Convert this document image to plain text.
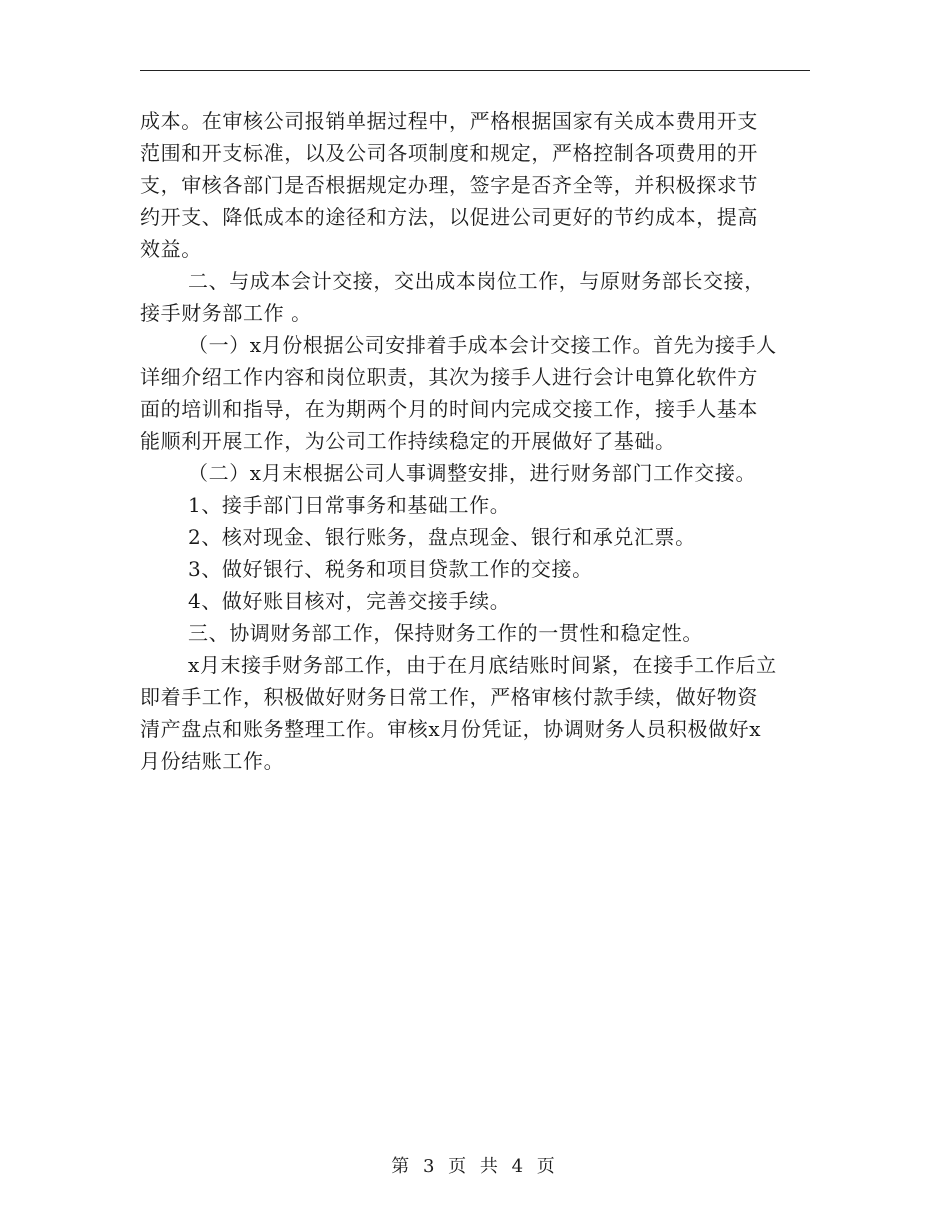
成本。在审核公司报销单据过程中，严格根据国家有关成本费用开支
范围和开支标准，以及公司各项制度和规定，严格控制各项费用的开
支，审核各部门是否根据规定办理，签字是否齐全等，并积极探求节
约开支、降低成本的途径和方法，以促进公司更好的节约成本，提高
效益。
二、与成本会计交接，交出成本岗位工作，与原财务部长交接，
接手财务部工作 。
（一）x月份根据公司安排着手成本会计交接工作。首先为接手人
详细介绍工作内容和岗位职责，其次为接手人进行会计电算化软件方
面的培训和指导，在为期两个月的时间内完成交接工作，接手人基本
能顺利开展工作，为公司工作持续稳定的开展做好了基础。
（二）x月末根据公司人事调整安排，进行财务部门工作交接。
1、接手部门日常事务和基础工作。
2、核对现金、银行账务，盘点现金、银行和承兑汇票。
3、做好银行、税务和项目贷款工作的交接。
4、做好账目核对，完善交接手续。
三、协调财务部工作，保持财务工作的一贯性和稳定性。
x月末接手财务部工作，由于在月底结账时间紧，在接手工作后立
即着手工作，积极做好财务日常工作，严格审核付款手续，做好物资
清产盘点和账务整理工作。审核x月份凭证，协调财务人员积极做好x
月份结账工作。
第 3 页 共 4 页
